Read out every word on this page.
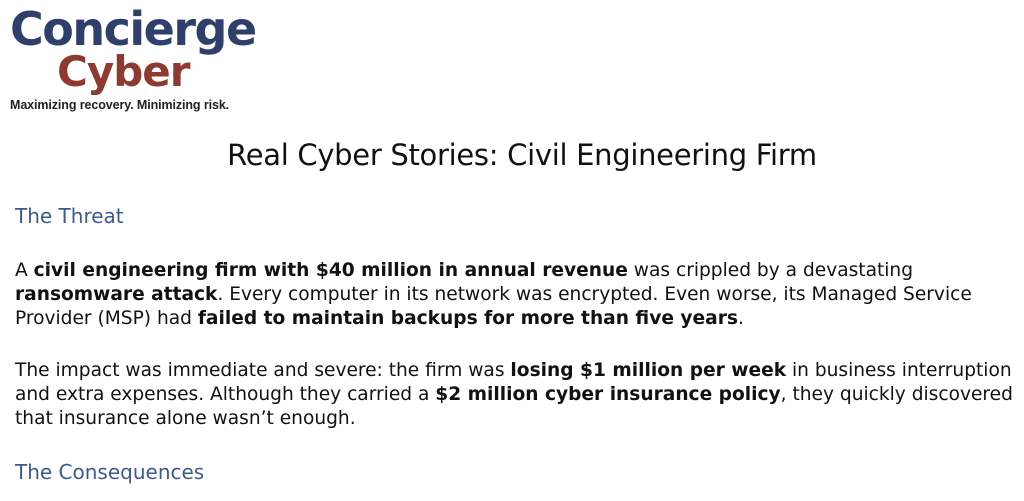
Concierge
Cyber
Maximizing recovery. Minimizing risk.
Real Cyber Stories: Civil Engineering Firm
The Threat

A civil engineering firm with $40 million in annual revenue was crippled by a devastating ransomware attack. Every computer in its network was encrypted. Even worse, its Managed Service Provider (MSP) had failed to maintain backups for more than five years.

The impact was immediate and severe: the firm was losing $1 million per week in business interruption and extra expenses. Although they carried a $2 million cyber insurance policy, they quickly discovered that insurance alone wasn’t enough.

The Consequences
